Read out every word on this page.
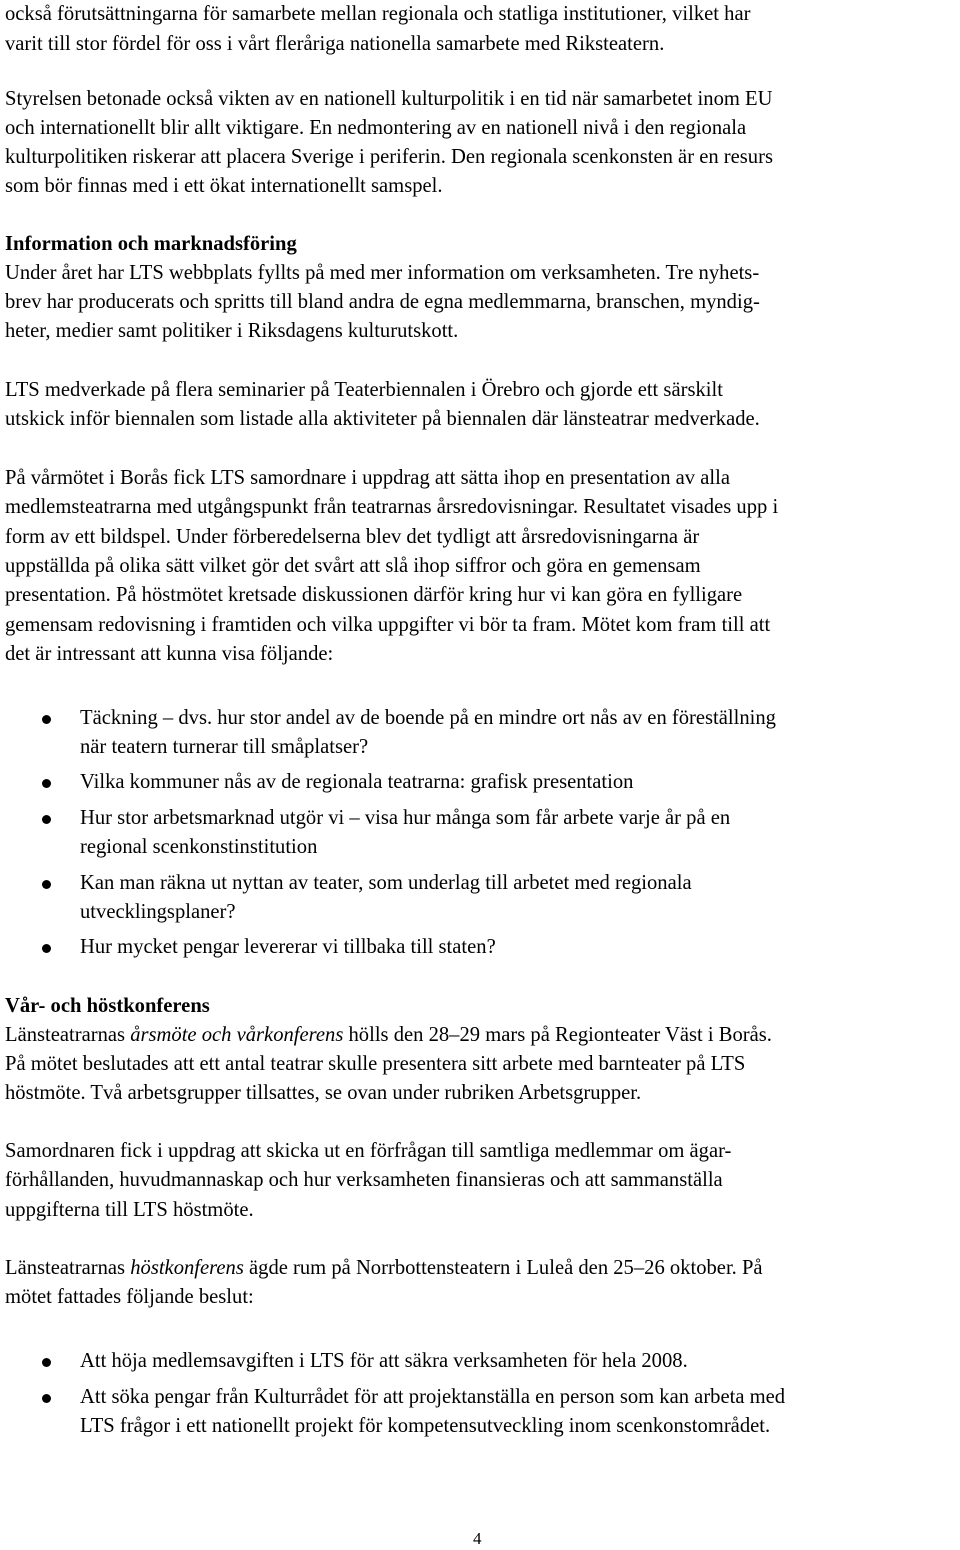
också förutsättningarna för samarbete mellan regionala och statliga institutioner, vilket har
varit till stor fördel för oss i vårt fleråriga nationella samarbete med Riksteatern.
Styrelsen betonade också vikten av en nationell kulturpolitik i en tid när samarbetet inom EU
och internationellt blir allt viktigare. En nedmontering av en nationell nivå i den regionala
kulturpolitiken riskerar att placera Sverige i periferin. Den regionala scenkonsten är en resurs
som bör finnas med i ett ökat internationellt samspel.
Information och marknadsföring
Under året har LTS webbplats fyllts på med mer information om verksamheten. Tre nyhets-
brev har producerats och spritts till bland andra de egna medlemmarna, branschen, myndig-
heter, medier samt politiker i Riksdagens kulturutskott.
LTS medverkade på flera seminarier på Teaterbiennalen i Örebro och gjorde ett särskilt
utskick inför biennalen som listade alla aktiviteter på biennalen där länsteatrar medverkade.
På vårmötet i Borås fick LTS samordnare i uppdrag att sätta ihop en presentation av alla
medlemsteatrarna med utgångspunkt från teatrarnas årsredovisningar. Resultatet visades upp i
form av ett bildspel. Under förberedelserna blev det tydligt att årsredovisningarna är
uppställda på olika sätt vilket gör det svårt att slå ihop siffror och göra en gemensam
presentation. På höstmötet kretsade diskussionen därför kring hur vi kan göra en fylligare
gemensam redovisning i framtiden och vilka uppgifter vi bör ta fram. Mötet kom fram till att
det är intressant att kunna visa följande:
Täckning – dvs. hur stor andel av de boende på en mindre ort nås av en föreställning
när teatern turnerar till småplatser?
Vilka kommuner nås av de regionala teatrarna: grafisk presentation
Hur stor arbetsmarknad utgör vi – visa hur många som får arbete varje år på en
regional scenkonstinstitution
Kan man räkna ut nyttan av teater, som underlag till arbetet med regionala
utvecklingsplaner?
Hur mycket pengar levererar vi tillbaka till staten?
Vår- och höstkonferens
Länsteatrarnas årsmöte och vårkonferens hölls den 28–29 mars på Regionteater Väst i Borås.
På mötet beslutades att ett antal teatrar skulle presentera sitt arbete med barnteater på LTS
höstmöte. Två arbetsgrupper tillsattes, se ovan under rubriken Arbetsgrupper.
Samordnaren fick i uppdrag att skicka ut en förfrågan till samtliga medlemmar om ägar-
förhållanden, huvudmannaskap och hur verksamheten finansieras och att sammanställa
uppgifterna till LTS höstmöte.
Länsteatrarnas höstkonferens ägde rum på Norrbottensteatern i Luleå den 25–26 oktober. På
mötet fattades följande beslut:
Att höja medlemsavgiften i LTS för att säkra verksamheten för hela 2008.
Att söka pengar från Kulturrådet för att projektanställa en person som kan arbeta med
LTS frågor i ett nationellt projekt för kompetensutveckling inom scenkonstområdet.
4
